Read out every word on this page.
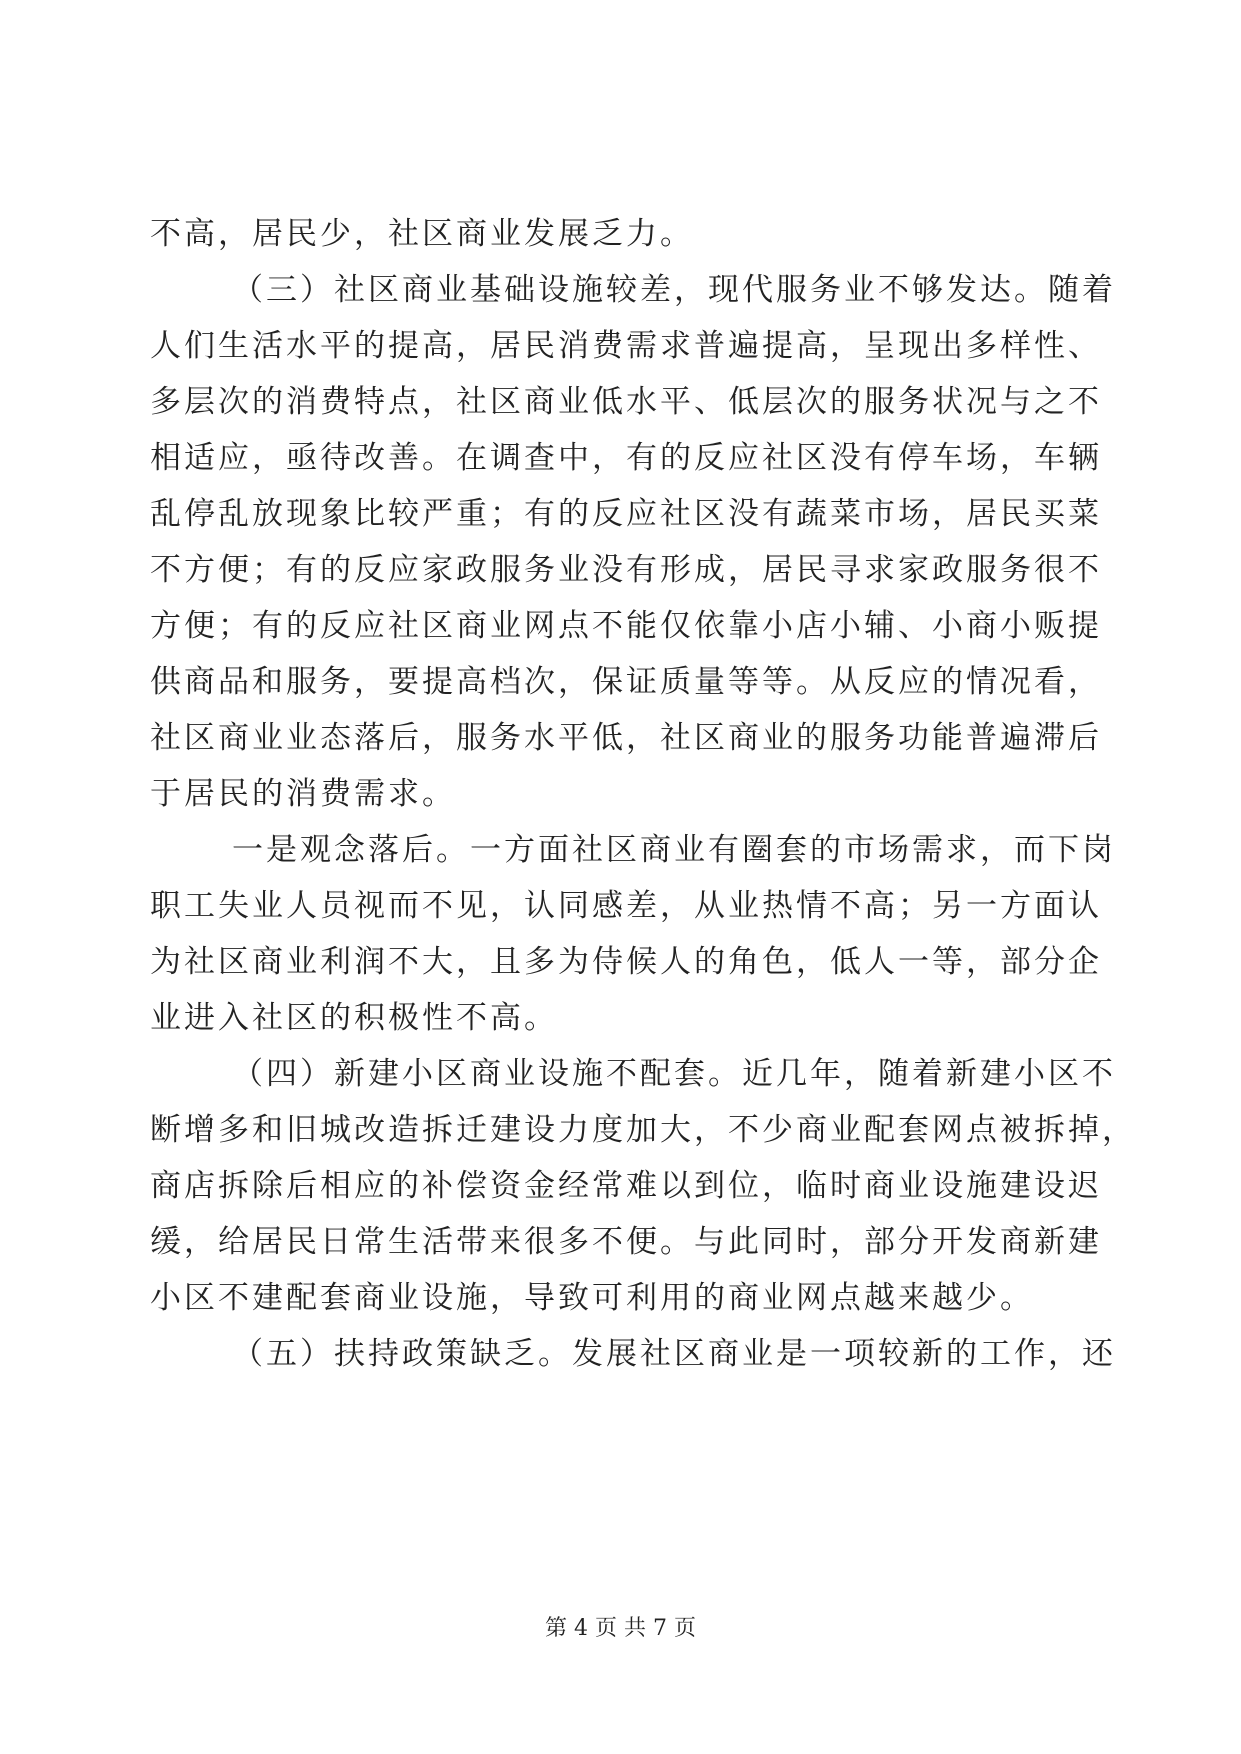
不高，居民少，社区商业发展乏力。
（三）社区商业基础设施较差，现代服务业不够发达。随着
人们生活水平的提高，居民消费需求普遍提高，呈现出多样性、
多层次的消费特点，社区商业低水平、低层次的服务状况与之不
相适应，亟待改善。在调查中，有的反应社区没有停车场，车辆
乱停乱放现象比较严重；有的反应社区没有蔬菜市场，居民买菜
不方便；有的反应家政服务业没有形成，居民寻求家政服务很不
方便；有的反应社区商业网点不能仅依靠小店小辅、小商小贩提
供商品和服务，要提高档次，保证质量等等。从反应的情况看，
社区商业业态落后，服务水平低，社区商业的服务功能普遍滞后
于居民的消费需求。
一是观念落后。一方面社区商业有圈套的市场需求，而下岗
职工失业人员视而不见，认同感差，从业热情不高；另一方面认
为社区商业利润不大，且多为侍候人的角色，低人一等，部分企
业进入社区的积极性不高。
（四）新建小区商业设施不配套。近几年，随着新建小区不
断增多和旧城改造拆迁建设力度加大，不少商业配套网点被拆掉，
商店拆除后相应的补偿资金经常难以到位，临时商业设施建设迟
缓，给居民日常生活带来很多不便。与此同时，部分开发商新建
小区不建配套商业设施，导致可利用的商业网点越来越少。
（五）扶持政策缺乏。发展社区商业是一项较新的工作，还
第 4 页 共 7 页
